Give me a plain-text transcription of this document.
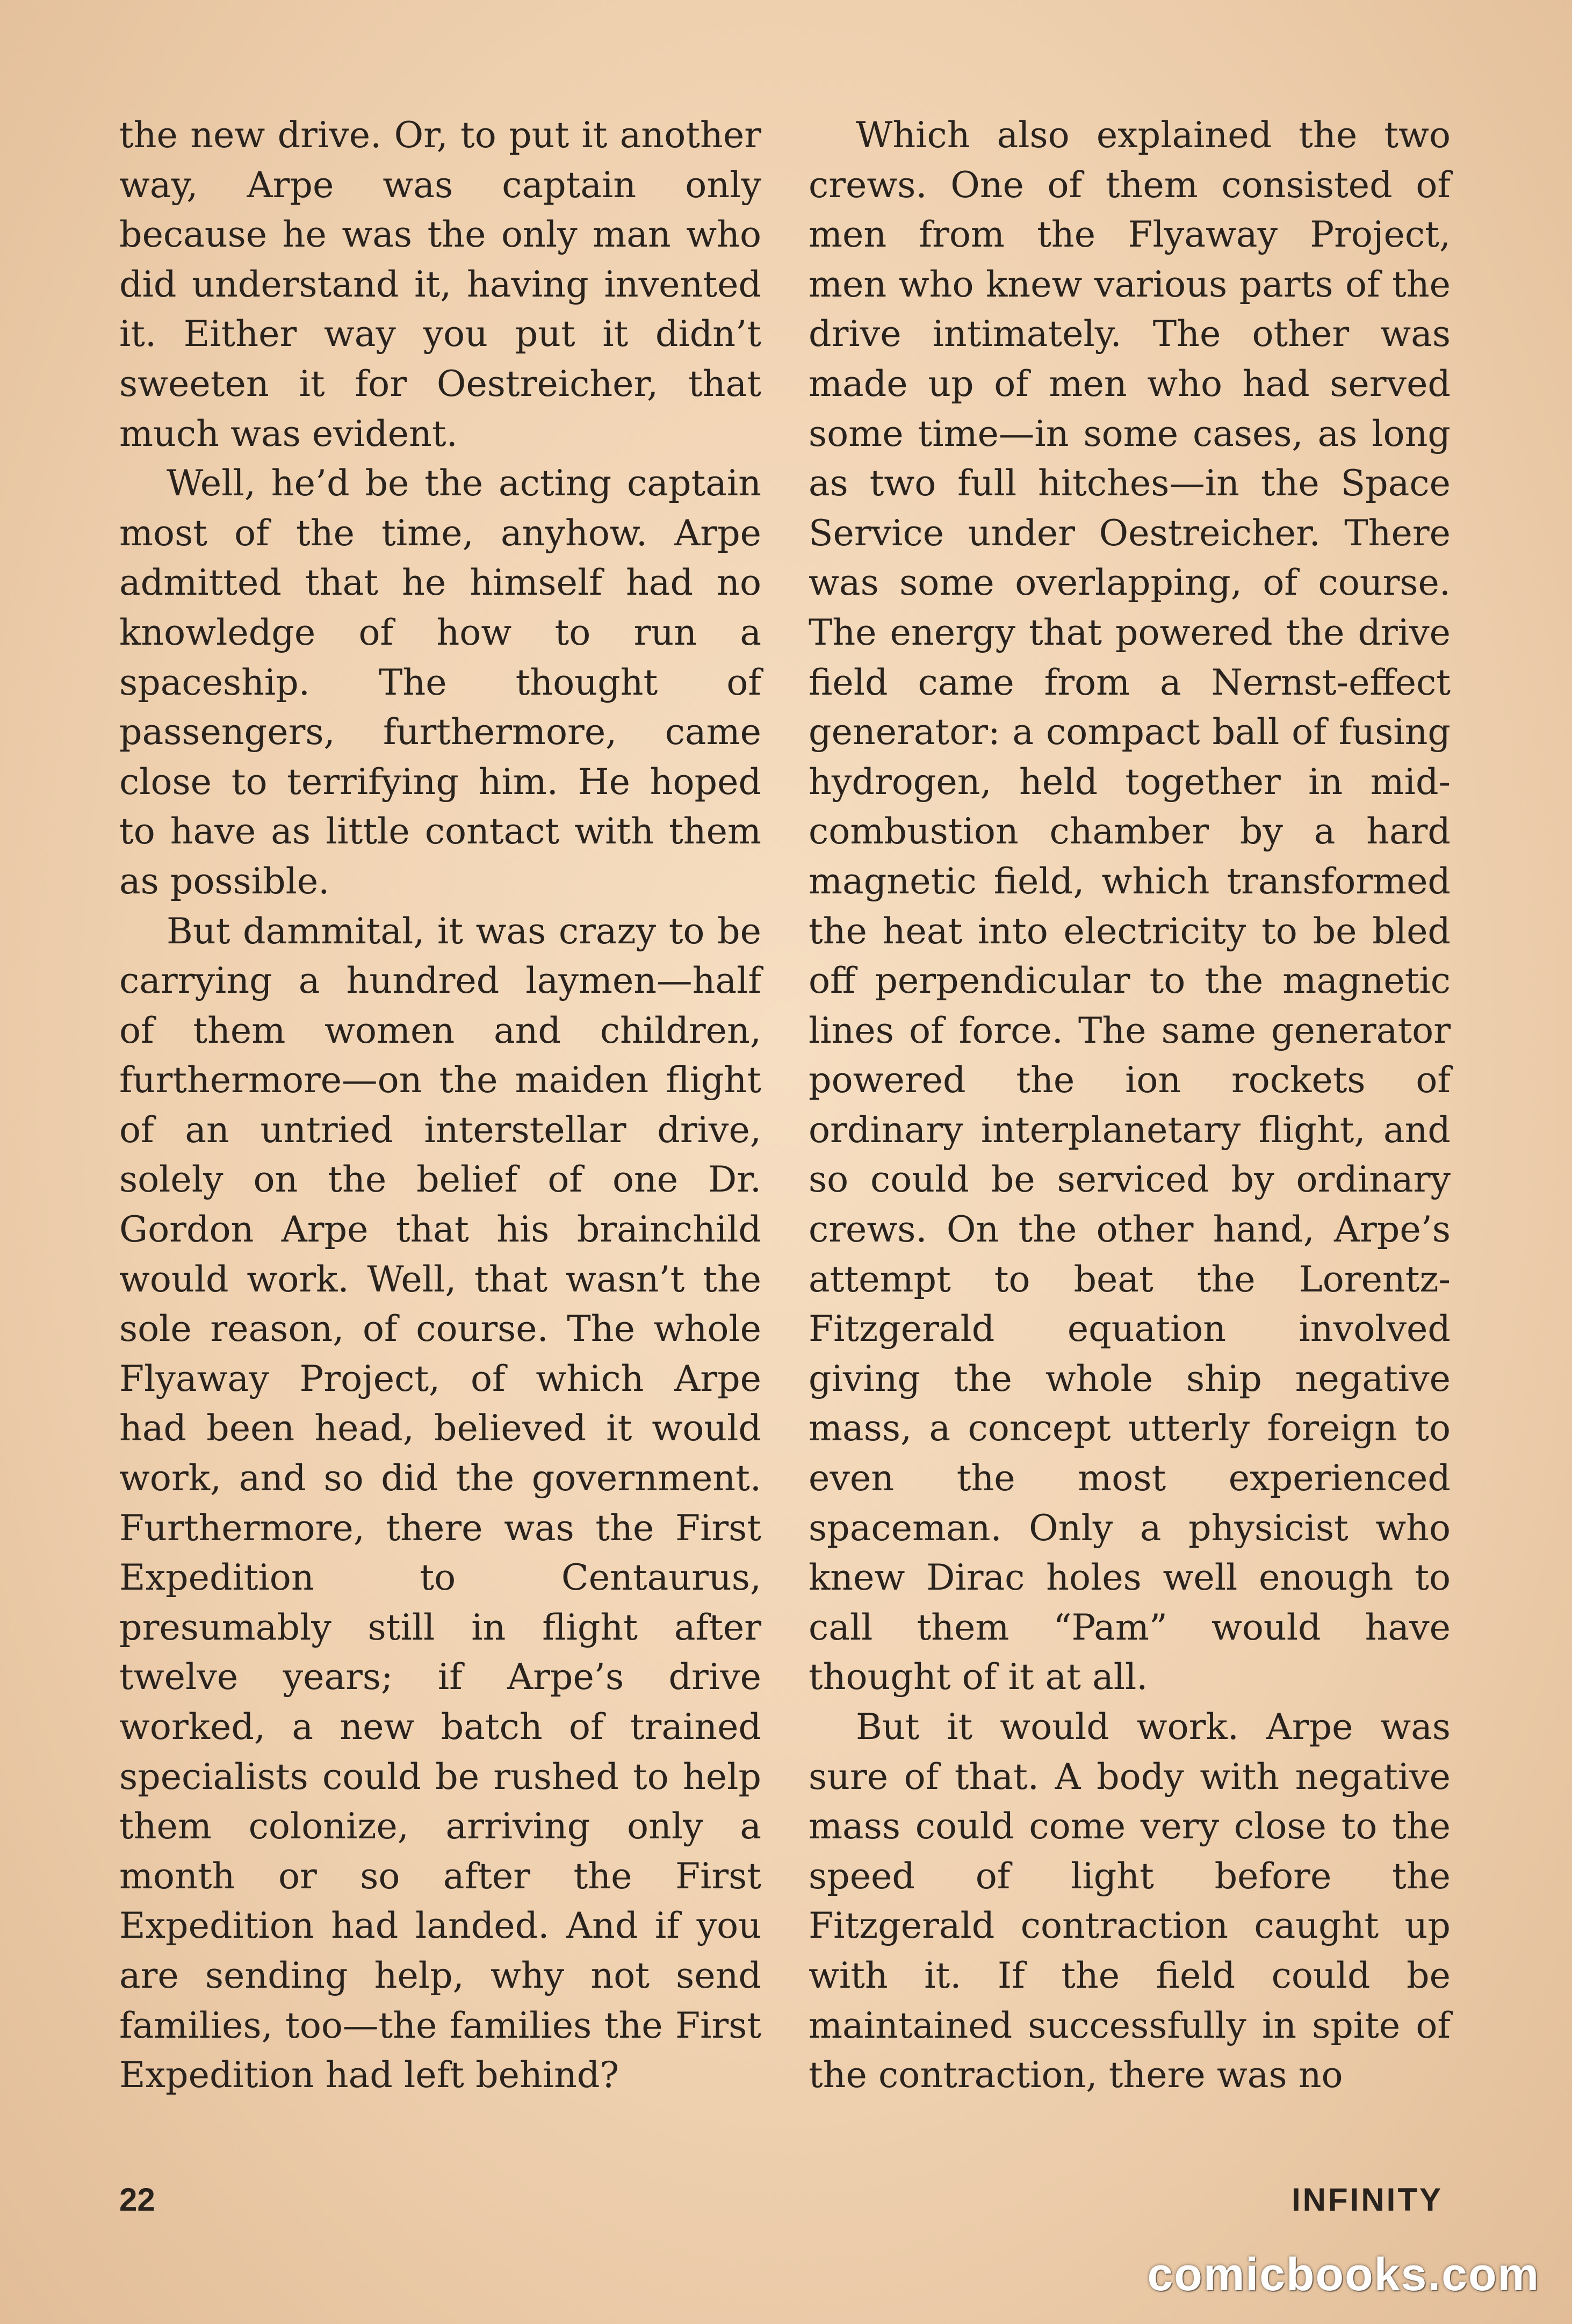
the new drive. Or, to put it another way, Arpe was captain only because he was the only man who did understand it, having invented it. Either way you put it didn’t sweeten it for Oestreicher, that much was evident.

Well, he’d be the acting captain most of the time, anyhow. Arpe admitted that he himself had no knowledge of how to run a spaceship. The thought of passengers, furthermore, came close to terrifying him. He hoped to have as little contact with them as possible.

But dammital, it was crazy to be carrying a hundred laymen—half of them women and children, furthermore—on the maiden flight of an untried interstellar drive, solely on the belief of one Dr. Gordon Arpe that his brainchild would work. Well, that wasn’t the sole reason, of course. The whole Flyaway Project, of which Arpe had been head, believed it would work, and so did the government. Furthermore, there was the First Expedition to Centaurus, presumably still in flight after twelve years; if Arpe’s drive worked, a new batch of trained specialists could be rushed to help them colonize, arriving only a month or so after the First Expedition had landed. And if you are sending help, why not send families, too—the families the First Expedition had left behind?

Which also explained the two crews. One of them consisted of men from the Flyaway Project, men who knew various parts of the drive intimately. The other was made up of men who had served some time—in some cases, as long as two full hitches—in the Space Service under Oestreicher. There was some overlapping, of course. The energy that powered the drive field came from a Nernst-effect generator: a compact ball of fusing hydrogen, held together in mid-combustion chamber by a hard magnetic field, which transformed the heat into electricity to be bled off perpendicular to the magnetic lines of force. The same generator powered the ion rockets of ordinary interplanetary flight, and so could be serviced by ordinary crews. On the other hand, Arpe’s attempt to beat the Lorentz-Fitzgerald equation involved giving the whole ship negative mass, a concept utterly foreign to even the most experienced spaceman. Only a physicist who knew Dirac holes well enough to call them “Pam” would have thought of it at all.

But it would work. Arpe was sure of that. A body with negative mass could come very close to the speed of light before the Fitzgerald contraction caught up with it. If the field could be maintained successfully in spite of the contraction, there was no

22	INFINITY
comicbooks.com
